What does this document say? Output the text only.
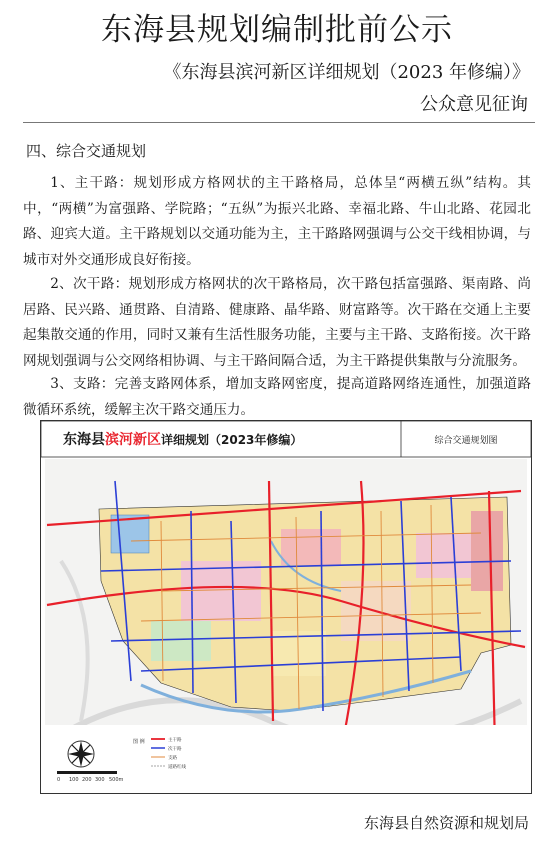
东海县规划编制批前公示
《东海县滨河新区详细规划（2023 年修编）》
公众意见征询
四、综合交通规划
1、主干路：规划形成方格网状的主干路格局，总体呈“两横五纵”结构。其中，“两横”为富强路、学院路；“五纵”为振兴北路、幸福北路、牛山北路、花园北路、迎宾大道。主干路规划以交通功能为主，主干路路网强调与公交干线相协调，与城市对外交通形成良好衔接。
2、次干路：规划形成方格网状的次干路格局，次干路包括富强路、渠南路、尚居路、民兴路、通贯路、自清路、健康路、晶华路、财富路等。次干路在交通上主要起集散交通的作用，同时又兼有生活性服务功能，主要与主干路、支路衔接。次干路网规划强调与公交网络相协调、与主干路间隔合适，为主干路提供集散与分流服务。
3、支路：完善支路网体系，增加支路网密度，提高道路网络连通性，加强道路微循环系统，缓解主次干路交通压力。
东海县滨河新区详细规划（2023年修编）	综合交通规划图
0 100 200 300 500m
图 例	主干路
次干路
支路
道路红线
东海县自然资源和规划局
